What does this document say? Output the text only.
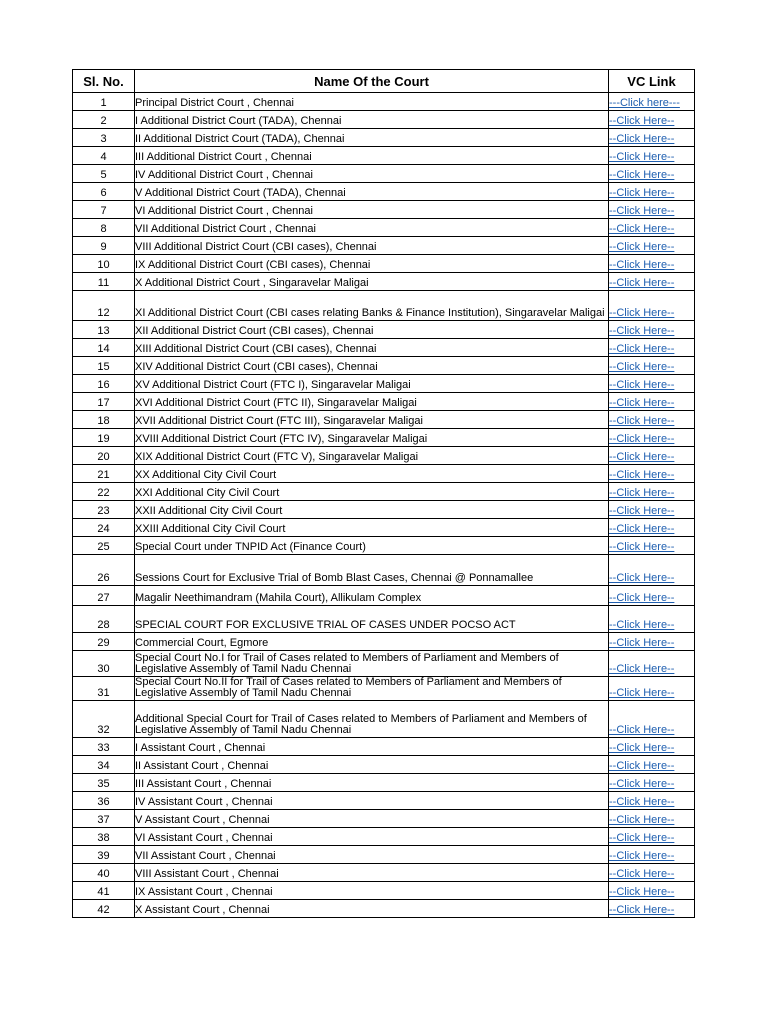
Sl. No.	Name Of the Court	VC Link
1	Principal District Court , Chennai	---Click here---
2	I Additional District Court (TADA), Chennai	--Click Here--
3	II Additional District Court (TADA), Chennai	--Click Here--
4	III Additional District Court , Chennai	--Click Here--
5	IV Additional District Court , Chennai	--Click Here--
6	V Additional District Court (TADA), Chennai	--Click Here--
7	VI Additional District Court , Chennai	--Click Here--
8	VII Additional District Court , Chennai	--Click Here--
9	VIII Additional District Court (CBI cases), Chennai	--Click Here--
10	IX Additional District Court (CBI cases), Chennai	--Click Here--
11	X Additional District Court , Singaravelar Maligai	--Click Here--
12	XI Additional District Court (CBI cases relating Banks & Finance Institution), Singaravelar Maligai	--Click Here--
13	XII Additional District Court (CBI cases), Chennai	--Click Here--
14	XIII Additional District Court (CBI cases), Chennai	--Click Here--
15	XIV Additional District Court (CBI cases), Chennai	--Click Here--
16	XV Additional District Court (FTC I), Singaravelar Maligai	--Click Here--
17	XVI Additional District Court (FTC II), Singaravelar Maligai	--Click Here--
18	XVII Additional District Court (FTC III), Singaravelar Maligai	--Click Here--
19	XVIII Additional District Court (FTC IV), Singaravelar Maligai	--Click Here--
20	XIX Additional District Court (FTC V), Singaravelar Maligai	--Click Here--
21	XX Additional City Civil Court	--Click Here--
22	XXI Additional City Civil Court	--Click Here--
23	XXII Additional City Civil Court	--Click Here--
24	XXIII Additional City Civil Court	--Click Here--
25	Special Court under TNPID Act (Finance Court)	--Click Here--
26	Sessions Court for Exclusive Trial of Bomb Blast Cases, Chennai @ Ponnamallee	--Click Here--
27	Magalir Neethimandram (Mahila Court), Allikulam Complex	--Click Here--
28	SPECIAL COURT FOR EXCLUSIVE TRIAL OF CASES UNDER POCSO ACT	--Click Here--
29	Commercial Court, Egmore	--Click Here--
30	Special Court No.I for Trail of Cases related to Members of Parliament and Members of Legislative Assembly of Tamil Nadu Chennai	--Click Here--
31	Special Court No.II for Trail of Cases related to Members of Parliament and Members of Legislative Assembly of Tamil Nadu Chennai	--Click Here--
32	Additional Special Court for Trail of Cases related to Members of Parliament and Members of Legislative Assembly of Tamil Nadu Chennai	--Click Here--
33	I Assistant Court , Chennai	--Click Here--
34	II Assistant Court , Chennai	--Click Here--
35	III Assistant Court , Chennai	--Click Here--
36	IV Assistant Court , Chennai	--Click Here--
37	V Assistant Court , Chennai	--Click Here--
38	VI Assistant Court , Chennai	--Click Here--
39	VII Assistant Court , Chennai	--Click Here--
40	VIII Assistant Court , Chennai	--Click Here--
41	IX Assistant Court , Chennai	--Click Here--
42	X Assistant Court , Chennai	--Click Here--
